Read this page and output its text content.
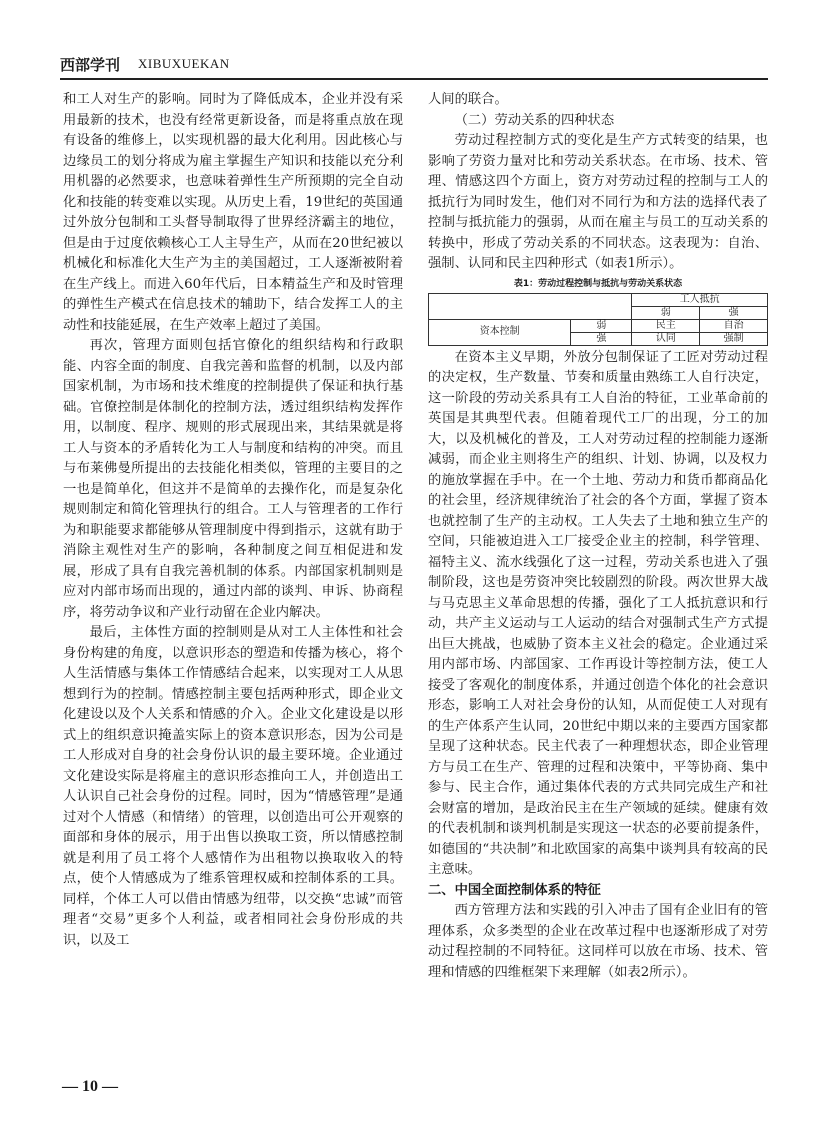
西部学刊 XIBUXUEKAN

和工人对生产的影响。同时为了降低成本，企业并没有采用最新的技术，也没有经常更新设备，而是将重点放在现有设备的维修上，以实现机器的最大化利用。因此核心与边缘员工的划分将成为雇主掌握生产知识和技能以充分利用机器的必然要求，也意味着弹性生产所预期的完全自动化和技能的转变难以实现。从历史上看，19世纪的英国通过外放分包制和工头督导制取得了世界经济霸主的地位，但是由于过度依赖核心工人主导生产，从而在20世纪被以机械化和标准化大生产为主的美国超过，工人逐渐被附着在生产线上。而进入60年代后，日本精益生产和及时管理的弹性生产模式在信息技术的辅助下，结合发挥工人的主动性和技能延展，在生产效率上超过了美国。

再次，管理方面则包括官僚化的组织结构和行政职能、内容全面的制度、自我完善和监督的机制，以及内部国家机制，为市场和技术维度的控制提供了保证和执行基础。官僚控制是体制化的控制方法，透过组织结构发挥作用，以制度、程序、规则的形式展现出来，其结果就是将工人与资本的矛盾转化为工人与制度和结构的冲突。而且与布莱佛曼所提出的去技能化相类似，管理的主要目的之一也是简单化，但这并不是简单的去操作化，而是复杂化规则制定和简化管理执行的组合。工人与管理者的工作行为和职能要求都能够从管理制度中得到指示，这就有助于消除主观性对生产的影响，各种制度之间互相促进和发展，形成了具有自我完善机制的体系。内部国家机制则是应对内部市场而出现的，通过内部的谈判、申诉、协商程序，将劳动争议和产业行动留在企业内解决。

最后，主体性方面的控制则是从对工人主体性和社会身份构建的角度，以意识形态的塑造和传播为核心，将个人生活情感与集体工作情感结合起来，以实现对工人从思想到行为的控制。情感控制主要包括两种形式，即企业文化建设以及个人关系和情感的介入。企业文化建设是以形式上的组织意识掩盖实际上的资本意识形态，因为公司是工人形成对自身的社会身份认识的最主要环境。企业通过文化建设实际是将雇主的意识形态推向工人，并创造出工人认识自己社会身份的过程。同时，因为“情感管理”是通过对个人情感（和情绪）的管理，以创造出可公开观察的面部和身体的展示，用于出售以换取工资，所以情感控制就是利用了员工将个人感情作为出租物以换取收入的特点，使个人情感成为了维系管理权威和控制体系的工具。同样，个体工人可以借由情感为纽带，以交换“忠诚”而管理者“交易”更多个人利益，或者相同社会身份形成的共识，以及工

人间的联合。

（二）劳动关系的四种状态

劳动过程控制方式的变化是生产方式转变的结果，也影响了劳资力量对比和劳动关系状态。在市场、技术、管理、情感这四个方面上，资方对劳动过程的控制与工人的抵抗行为同时发生，他们对不同行为和方法的选择代表了控制与抵抗能力的强弱，从而在雇主与员工的互动关系的转换中，形成了劳动关系的不同状态。这表现为：自治、强制、认同和民主四种形式（如表1所示）。

表1：劳动过程控制与抵抗与劳动关系状态
		工人抵抗	
		弱	强
资本控制	弱	民主	自治
	强	认同	强制

在资本主义早期，外放分包制保证了工匠对劳动过程的决定权，生产数量、节奏和质量由熟练工人自行决定，这一阶段的劳动关系具有工人自治的特征，工业革命前的英国是其典型代表。但随着现代工厂的出现，分工的加大，以及机械化的普及，工人对劳动过程的控制能力逐渐减弱，而企业主则将生产的组织、计划、协调，以及权力的施放掌握在手中。在一个土地、劳动力和货币都商品化的社会里，经济规律统治了社会的各个方面，掌握了资本也就控制了生产的主动权。工人失去了土地和独立生产的空间，只能被迫进入工厂接受企业主的控制，科学管理、福特主义、流水线强化了这一过程，劳动关系也进入了强制阶段，这也是劳资冲突比较剧烈的阶段。两次世界大战与马克思主义革命思想的传播，强化了工人抵抗意识和行动，共产主义运动与工人运动的结合对强制式生产方式提出巨大挑战，也威胁了资本主义社会的稳定。企业通过采用内部市场、内部国家、工作再设计等控制方法，使工人接受了客观化的制度体系，并通过创造个体化的社会意识形态，影响工人对社会身份的认知，从而促使工人对现有的生产体系产生认同，20世纪中期以来的主要西方国家都呈现了这种状态。民主代表了一种理想状态，即企业管理方与员工在生产、管理的过程和决策中，平等协商、集中参与、民主合作，通过集体代表的方式共同完成生产和社会财富的增加，是政治民主在生产领域的延续。健康有效的代表机制和谈判机制是实现这一状态的必要前提条件，如德国的“共决制”和北欧国家的高集中谈判具有较高的民主意味。

二、中国全面控制体系的特征

西方管理方法和实践的引入冲击了国有企业旧有的管理体系，众多类型的企业在改革过程中也逐渐形成了对劳动过程控制的不同特征。这同样可以放在市场、技术、管理和情感的四维框架下来理解（如表2所示）。

— 10 —
